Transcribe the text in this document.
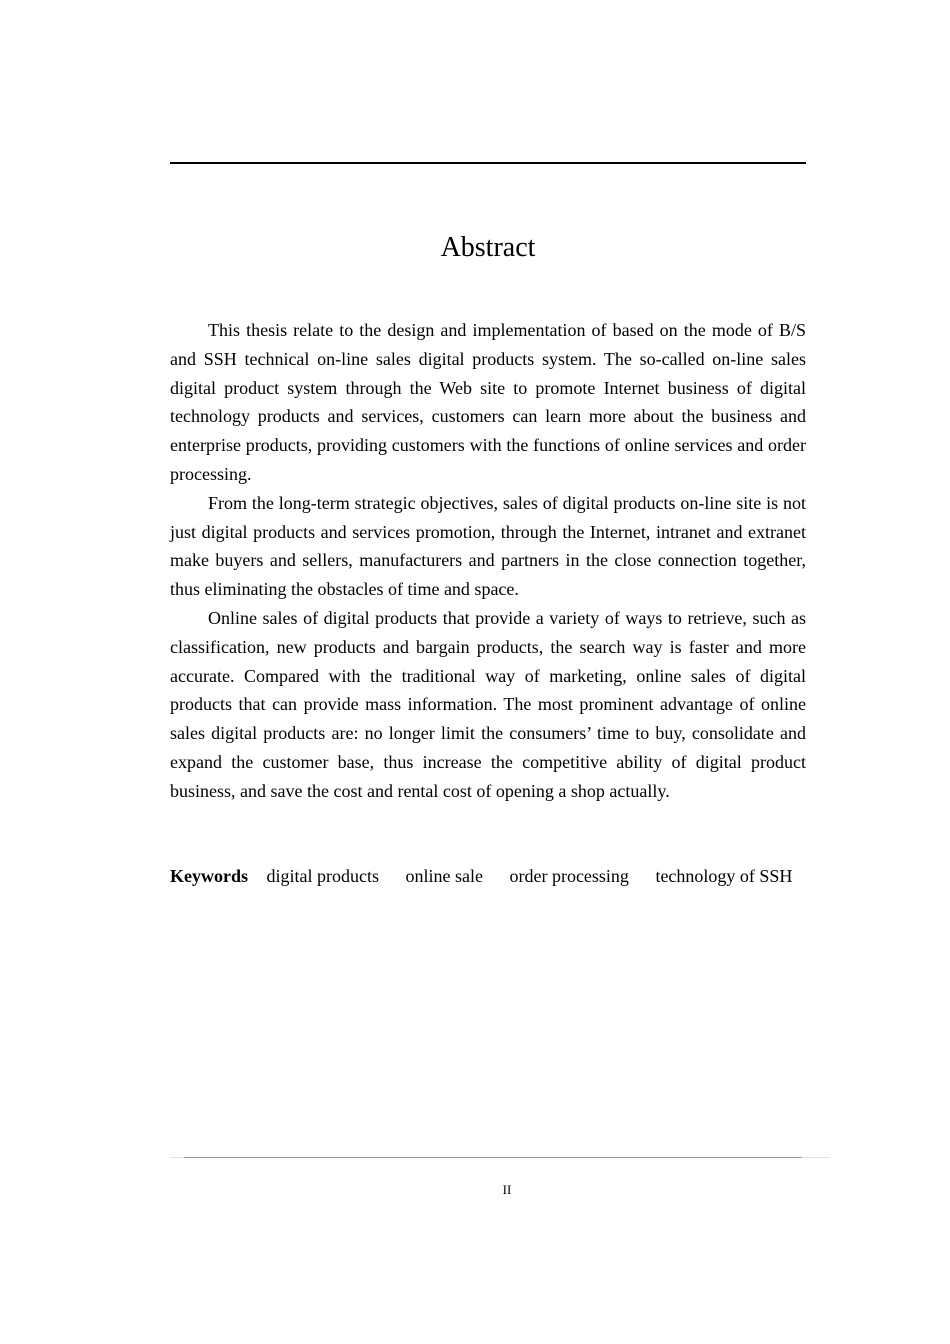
Abstract

This thesis relate to the design and implementation of based on the mode of B/S and SSH technical on-line sales digital products system. The so-called on-line sales digital product system through the Web site to promote Internet business of digital technology products and services, customers can learn more about the business and enterprise products, providing customers with the functions of online services and order processing.

From the long-term strategic objectives, sales of digital products on-line site is not just digital products and services promotion, through the Internet, intranet and extranet make buyers and sellers, manufacturers and partners in the close connection together, thus eliminating the obstacles of time and space.

Online sales of digital products that provide a variety of ways to retrieve, such as classification, new products and bargain products, the search way is faster and more accurate. Compared with the traditional way of marketing, online sales of digital products that can provide mass information. The most prominent advantage of online sales digital products are: no longer limit the consumers’ time to buy, consolidate and expand the customer base, thus increase the competitive ability of digital product business, and save the cost and rental cost of opening a shop actually.

Keywords digital products online sale order processing technology of SSH

II
